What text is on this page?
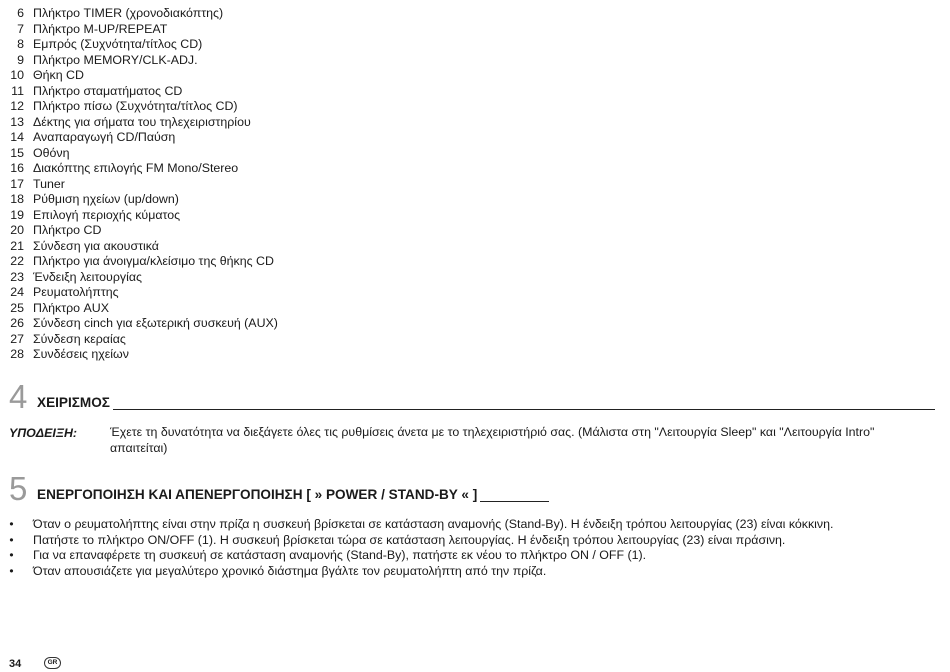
6 Πλήκτρο TIMER (χρονοδιακόπτης)
7 Πλήκτρο M-UP/REPEAT
8 Εμπρός (Συχνότητα/τίτλος CD)
9 Πλήκτρο MEMORY/CLK-ADJ.
10 Θήκη CD
11 Πλήκτρο σταματήματος CD
12 Πλήκτρο πίσω (Συχνότητα/τίτλος CD)
13 Δέκτης για σήματα του τηλεχειριστηρίου
14 Αναπαραγωγή CD/Παύση
15 Οθόνη
16 Διακόπτης επιλογής FM Mono/Stereo
17 Tuner
18 Ρύθμιση ηχείων (up/down)
19 Επιλογή περιοχής κύματος
20 Πλήκτρο CD
21 Σύνδεση για ακουστικά
22 Πλήκτρο για άνοιγμα/κλείσιμο της θήκης CD
23 Ένδειξη λειτουργίας
24 Ρευματολήπτης
25 Πλήκτρο AUX
26 Σύνδεση cinch για εξωτερική συσκευή (AUX)
27 Σύνδεση κεραίας
28 Συνδέσεις ηχείων
4 ΧΕΙΡΙΣΜΟΣ
ΥΠΟΔΕΙΞΗ:	Έχετε τη δυνατότητα να διεξάγετε όλες τις ρυθμίσεις άνετα με το τηλεχειριστήριό σας. (Μάλιστα στη "Λειτουργία Sleep" και "Λειτουργία Intro" απαιτείται)
5 ΕΝΕΡΓΟΠΟΙΗΣΗ ΚΑΙ ΑΠΕΝΕΡΓΟΠΟΙΗΣΗ [ » POWER / STAND-BY « ]
• Όταν ο ρευματολήπτης είναι στην πρίζα η συσκευή βρίσκεται σε κατάσταση αναμονής (Stand-By). Η ένδειξη τρόπου λειτουργίας (23) είναι κόκκινη.
• Πατήστε το πλήκτρο ON/OFF (1). Η συσκευή βρίσκεται τώρα σε κατάσταση λειτουργίας. Η ένδειξη τρόπου λειτουργίας (23) είναι πράσινη.
• Για να επαναφέρετε τη συσκευή σε κατάσταση αναμονής (Stand-By), πατήστε εκ νέου το πλήκτρο ON / OFF (1).
• Όταν απουσιάζετε για μεγαλύτερο χρονικό διάστημα βγάλτε τον ρευματολήπτη από την πρίζα.
34	GR
